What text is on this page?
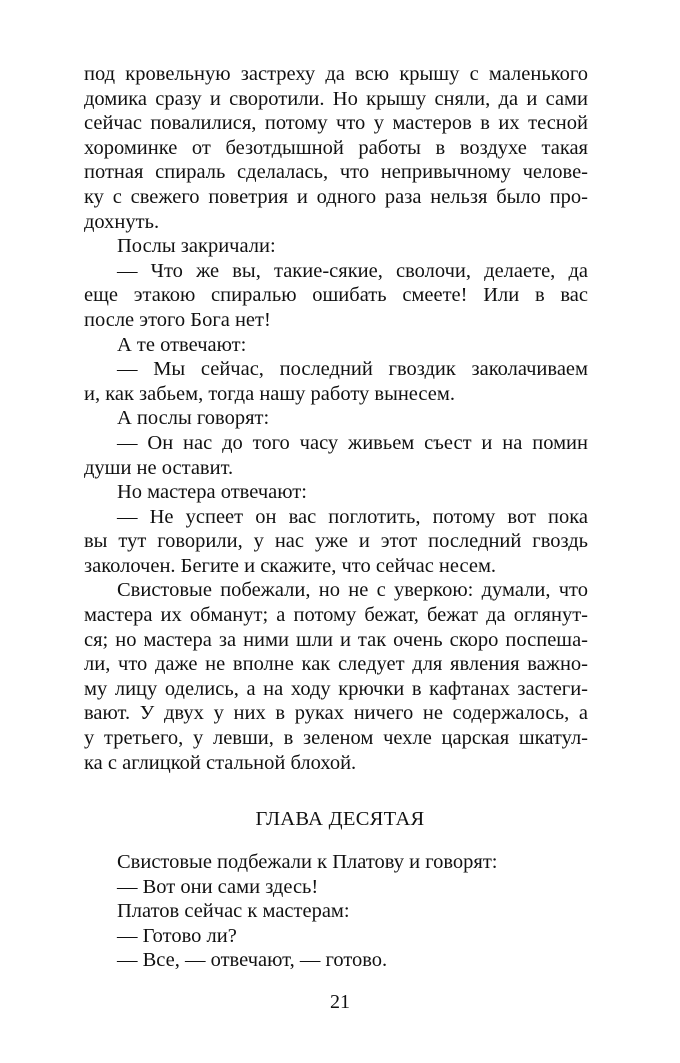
под кровельную застреху да всю крышу с маленького
домика сразу и своротили. Но крышу сняли, да и сами
сейчас повалилися, потому что у мастеров в их тесной
хороминке от безотдышной работы в воздухе такая
потная спираль сделалась, что непривычному челове-
ку с свежего поветрия и одного раза нельзя было про-
дохнуть.
Послы закричали:
— Что же вы, такие-сякие, сволочи, делаете, да
еще этакою спиралью ошибать смеете! Или в вас
после этого Бога нет!
А те отвечают:
— Мы сейчас, последний гвоздик заколачиваем
и, как забьем, тогда нашу работу вынесем.
А послы говорят:
— Он нас до того часу живьем съест и на помин
души не оставит.
Но мастера отвечают:
— Не успеет он вас поглотить, потому вот пока
вы тут говорили, у нас уже и этот последний гвоздь
заколочен. Бегите и скажите, что сейчас несем.
Свистовые побежали, но не с уверкою: думали, что
мастера их обманут; а потому бежат, бежат да оглянут-
ся; но мастера за ними шли и так очень скоро поспеша-
ли, что даже не вполне как следует для явления важно-
му лицу оделись, а на ходу крючки в кафтанах застеги-
вают. У двух у них в руках ничего не содержалось, а
у третьего, у левши, в зеленом чехле царская шкатул-
ка с аглицкой стальной блохой.
ГЛАВА ДЕСЯТАЯ
Свистовые подбежали к Платову и говорят:
— Вот они сами здесь!
Платов сейчас к мастерам:
— Готово ли?
— Все, — отвечают, — готово.
21
